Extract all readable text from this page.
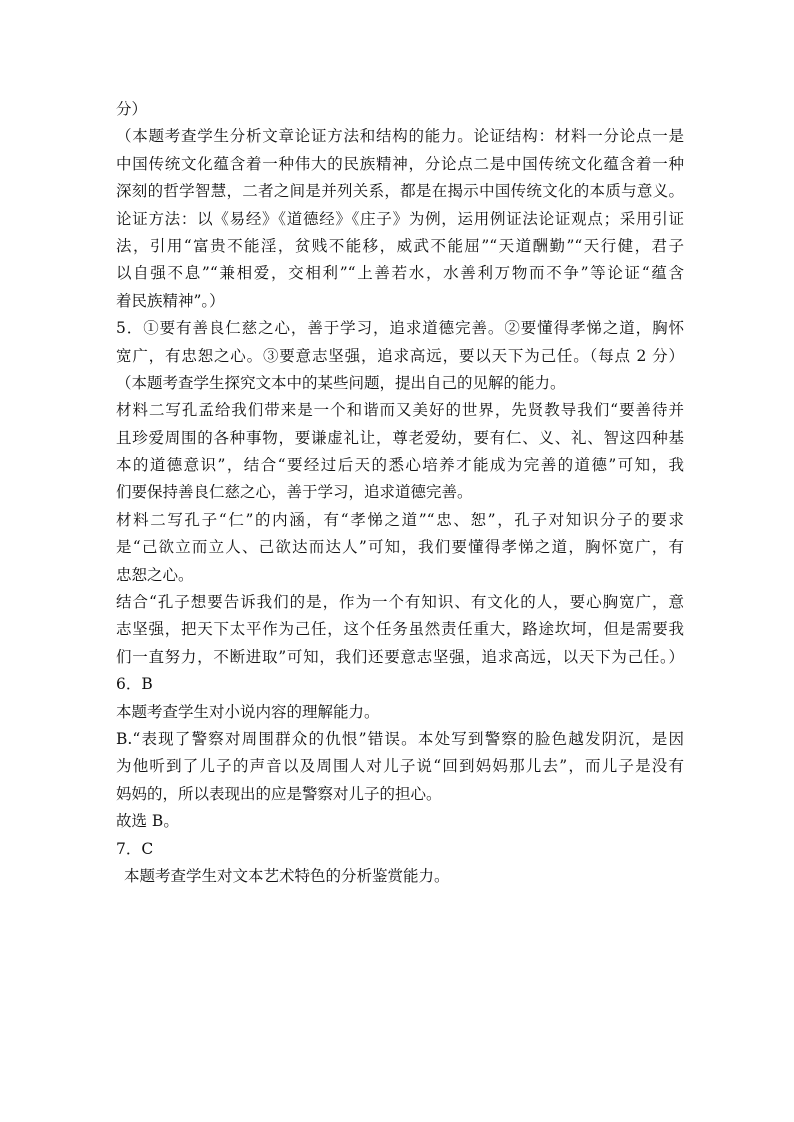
分）
（本题考查学生分析文章论证方法和结构的能力。论证结构：材料一分论点一是
中国传统文化蕴含着一种伟大的民族精神，分论点二是中国传统文化蕴含着一种
深刻的哲学智慧，二者之间是并列关系，都是在揭示中国传统文化的本质与意义。
论证方法：以《易经》《道德经》《庄子》为例，运用例证法论证观点；采用引证
法，引用“富贵不能淫，贫贱不能移，威武不能屈”“天道酬勤”“天行健，君子
以自强不息”“兼相爱，交相利”“上善若水，水善利万物而不争”等论证“蕴含
着民族精神”。）
5．①要有善良仁慈之心，善于学习，追求道德完善。②要懂得孝悌之道，胸怀
宽广，有忠恕之心。③要意志坚强，追求高远，要以天下为己任。（每点 2 分）
（本题考查学生探究文本中的某些问题，提出自己的见解的能力。
材料二写孔孟给我们带来是一个和谐而又美好的世界，先贤教导我们“要善待并
且珍爱周围的各种事物，要谦虚礼让，尊老爱幼，要有仁、义、礼、智这四种基
本的道德意识”，结合“要经过后天的悉心培养才能成为完善的道德”可知，我
们要保持善良仁慈之心，善于学习，追求道德完善。
材料二写孔子“仁”的内涵，有“孝悌之道”“忠、恕”，孔子对知识分子的要求
是“己欲立而立人、己欲达而达人”可知，我们要懂得孝悌之道，胸怀宽广，有
忠恕之心。
结合“孔子想要告诉我们的是，作为一个有知识、有文化的人，要心胸宽广，意
志坚强，把天下太平作为己任，这个任务虽然责任重大，路途坎坷，但是需要我
们一直努力，不断进取”可知，我们还要意志坚强，追求高远，以天下为己任。）
6．B
本题考查学生对小说内容的理解能力。
B.“表现了警察对周围群众的仇恨”错误。本处写到警察的脸色越发阴沉，是因
为他听到了儿子的声音以及周围人对儿子说“回到妈妈那儿去”，而儿子是没有
妈妈的，所以表现出的应是警察对儿子的担心。
故选 B。
7．C
本题考查学生对文本艺术特色的分析鉴赏能力。
